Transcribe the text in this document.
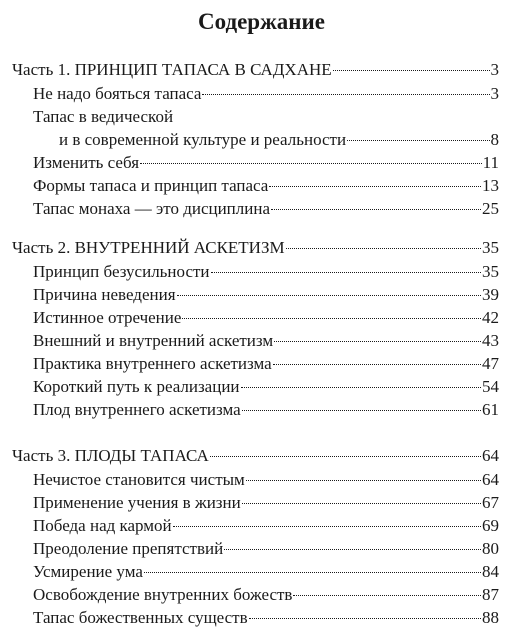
Содержание
Часть 1. ПРИНЦИП ТАПАСА В САДХАНЕ	3
Не надо бояться тапаса	3
Тапас в ведической
и в современной культуре и реальности	8
Изменить себя	11
Формы тапаса и принцип тапаса	13
Тапас монаха — это дисциплина	25
Часть 2. ВНУТРЕННИЙ АСКЕТИЗМ	35
Принцип безусильности	35
Причина неведения	39
Истинное отречение	42
Внешний и внутренний аскетизм	43
Практика внутреннего аскетизма	47
Короткий путь к реализации	54
Плод внутреннего аскетизма	61
Часть 3. ПЛОДЫ ТАПАСА	64
Нечистое становится чистым	64
Применение учения в жизни	67
Победа над кармой	69
Преодоление препятствий	80
Усмирение ума	84
Освобождение внутренних божеств	87
Тапас божественных существ	88
